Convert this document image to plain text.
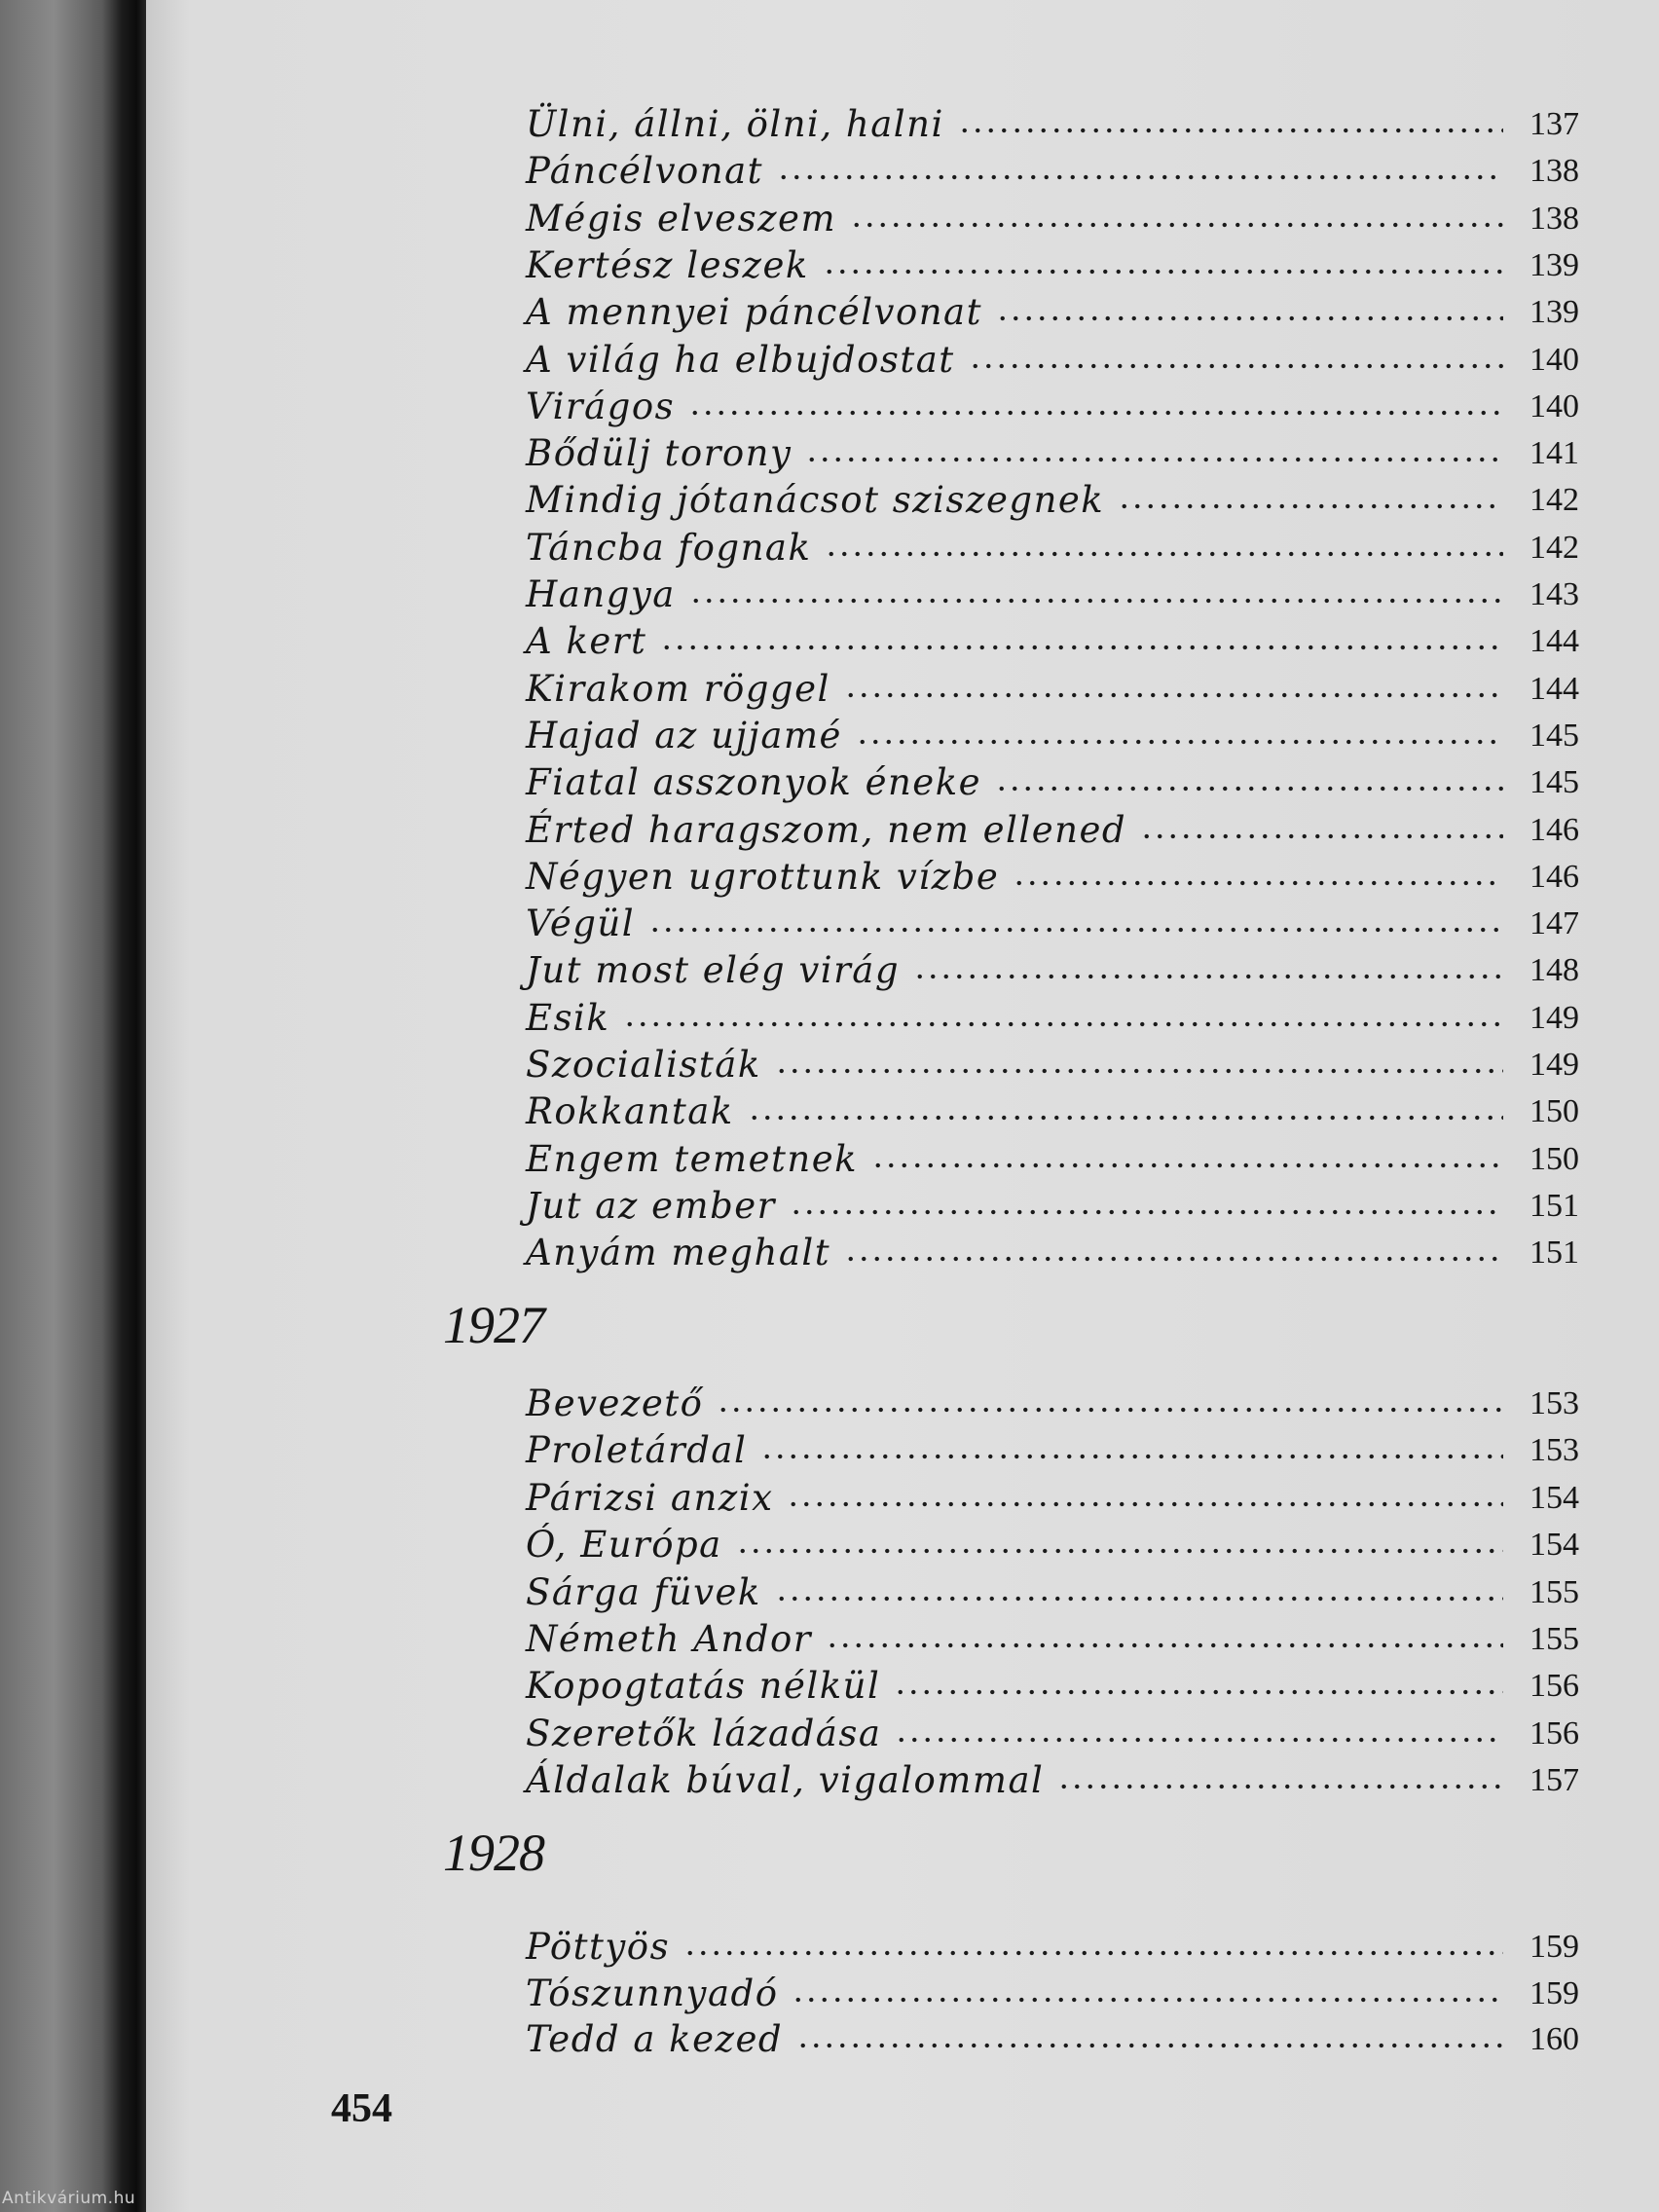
Ülni, állni, ölni, halni	137
Páncélvonat	138
Mégis elveszem	138
Kertész leszek	139
A mennyei páncélvonat	139
A világ ha elbujdostat	140
Virágos	140
Bődülj torony	141
Mindig jótanácsot sziszegnek	142
Táncba fognak	142
Hangya	143
A kert	144
Kirakom röggel	144
Hajad az ujjamé	145
Fiatal asszonyok éneke	145
Érted haragszom, nem ellened	146
Négyen ugrottunk vízbe	146
Végül	147
Jut most elég virág	148
Esik	149
Szocialisták	149
Rokkantak	150
Engem temetnek	150
Jut az ember	151
Anyám meghalt	151
1927
Bevezető	153
Proletárdal	153
Párizsi anzix	154
Ó, Európa	154
Sárga füvek	155
Németh Andor	155
Kopogtatás nélkül	156
Szeretők lázadása	156
Áldalak búval, vigalommal	157
1928
Pöttyös	159
Tószunnyadó	159
Tedd a kezed	160
454
Antikvárium.hu
